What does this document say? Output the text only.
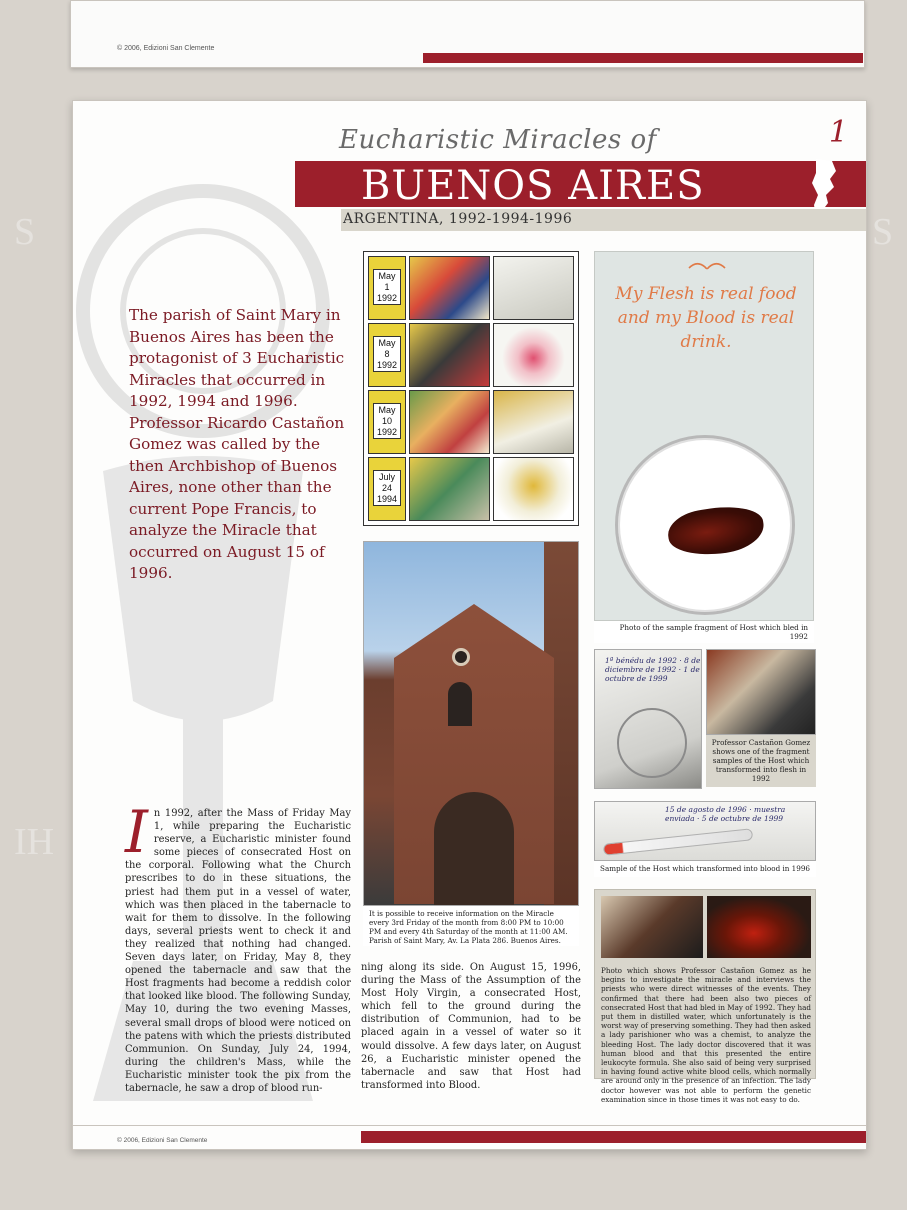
S
IH
S
© 2006, Edizioni San Clemente
Eucharistic Miracles of	1
BUENOS AIRES
ARGENTINA, 1992-1994-1996
The parish of Saint Mary in Buenos Aires has been the protagonist of 3 Eucharistic Miracles that occurred in 1992, 1994 and 1996. Professor Ricardo Castañon Gomez was called by the then Archbishop of Buenos Aires, none other than the current Pope Francis, to analyze the Miracle that occurred on August 15 of 1996.
May
1
1992
May
8
1992
May
10
1992
July
24
1994
It is possible to receive information on the Miracle every 3rd Friday of the month from 8:00 PM to 10:00 PM and every 4th Saturday of the month at 11:00 AM. Parish of Saint Mary, Av. La Plata 286. Buenos Aires.
My Flesh is real food and my Blood is real drink.
Photo of the sample fragment of Host which bled in 1992
1ª bénédu de 1992 · 8 de diciembre de 1992 · 1 de octubre de 1999
Professor Castañon Gomez shows one of the fragment samples of the Host which transformed into flesh in 1992
15 de agosto de 1996 · muestra enviada · 5 de octubre de 1999
Sample of the Host which transformed into blood in 1996
Photo which shows Professor Castañon Gomez as he begins to investigate the miracle and interviews the priests who were direct witnesses of the events. They confirmed that there had been also two pieces of consecrated Host that had bled in May of 1992. They had put them in distilled water, which unfortunately is the worst way of preserving something. They had then asked a lady parishioner who was a chemist, to analyze the bleeding Host. The lady doctor discovered that it was human blood and that this presented the entire leukocyte formula. She also said of being very surprised in having found active white blood cells, which normally are around only in the presence of an infection. The lady doctor however was not able to perform the genetic examination since in those times it was not easy to do.
I n 1992, after the Mass of Friday May 1, while preparing the Eucharistic reserve, a Eucharistic minister found some pieces of consecrated Host on the corporal. Following what the Church prescribes to do in these situations, the priest had them put in a vessel of water, which was then placed in the tabernacle to wait for them to dissolve. In the following days, several priests went to check it and they realized that nothing had changed. Seven days later, on Friday, May 8, they opened the tabernacle and saw that the Host fragments had become a reddish color that looked like blood. The following Sunday, May 10, during the two evening Masses, several small drops of blood were noticed on the patens with which the priests distributed Communion. On Sunday, July 24, 1994, during the children's Mass, while the Eucharistic minister took the pix from the tabernacle, he saw a drop of blood run-
ning along its side. On August 15, 1996, during the Mass of the Assumption of the Most Holy Virgin, a consecrated Host, which fell to the ground during the distribution of Communion, had to be placed again in a vessel of water so it would dissolve. A few days later, on August 26, a Eucharistic minister opened the tabernacle and saw that Host had transformed into Blood.
© 2006, Edizioni San Clemente
